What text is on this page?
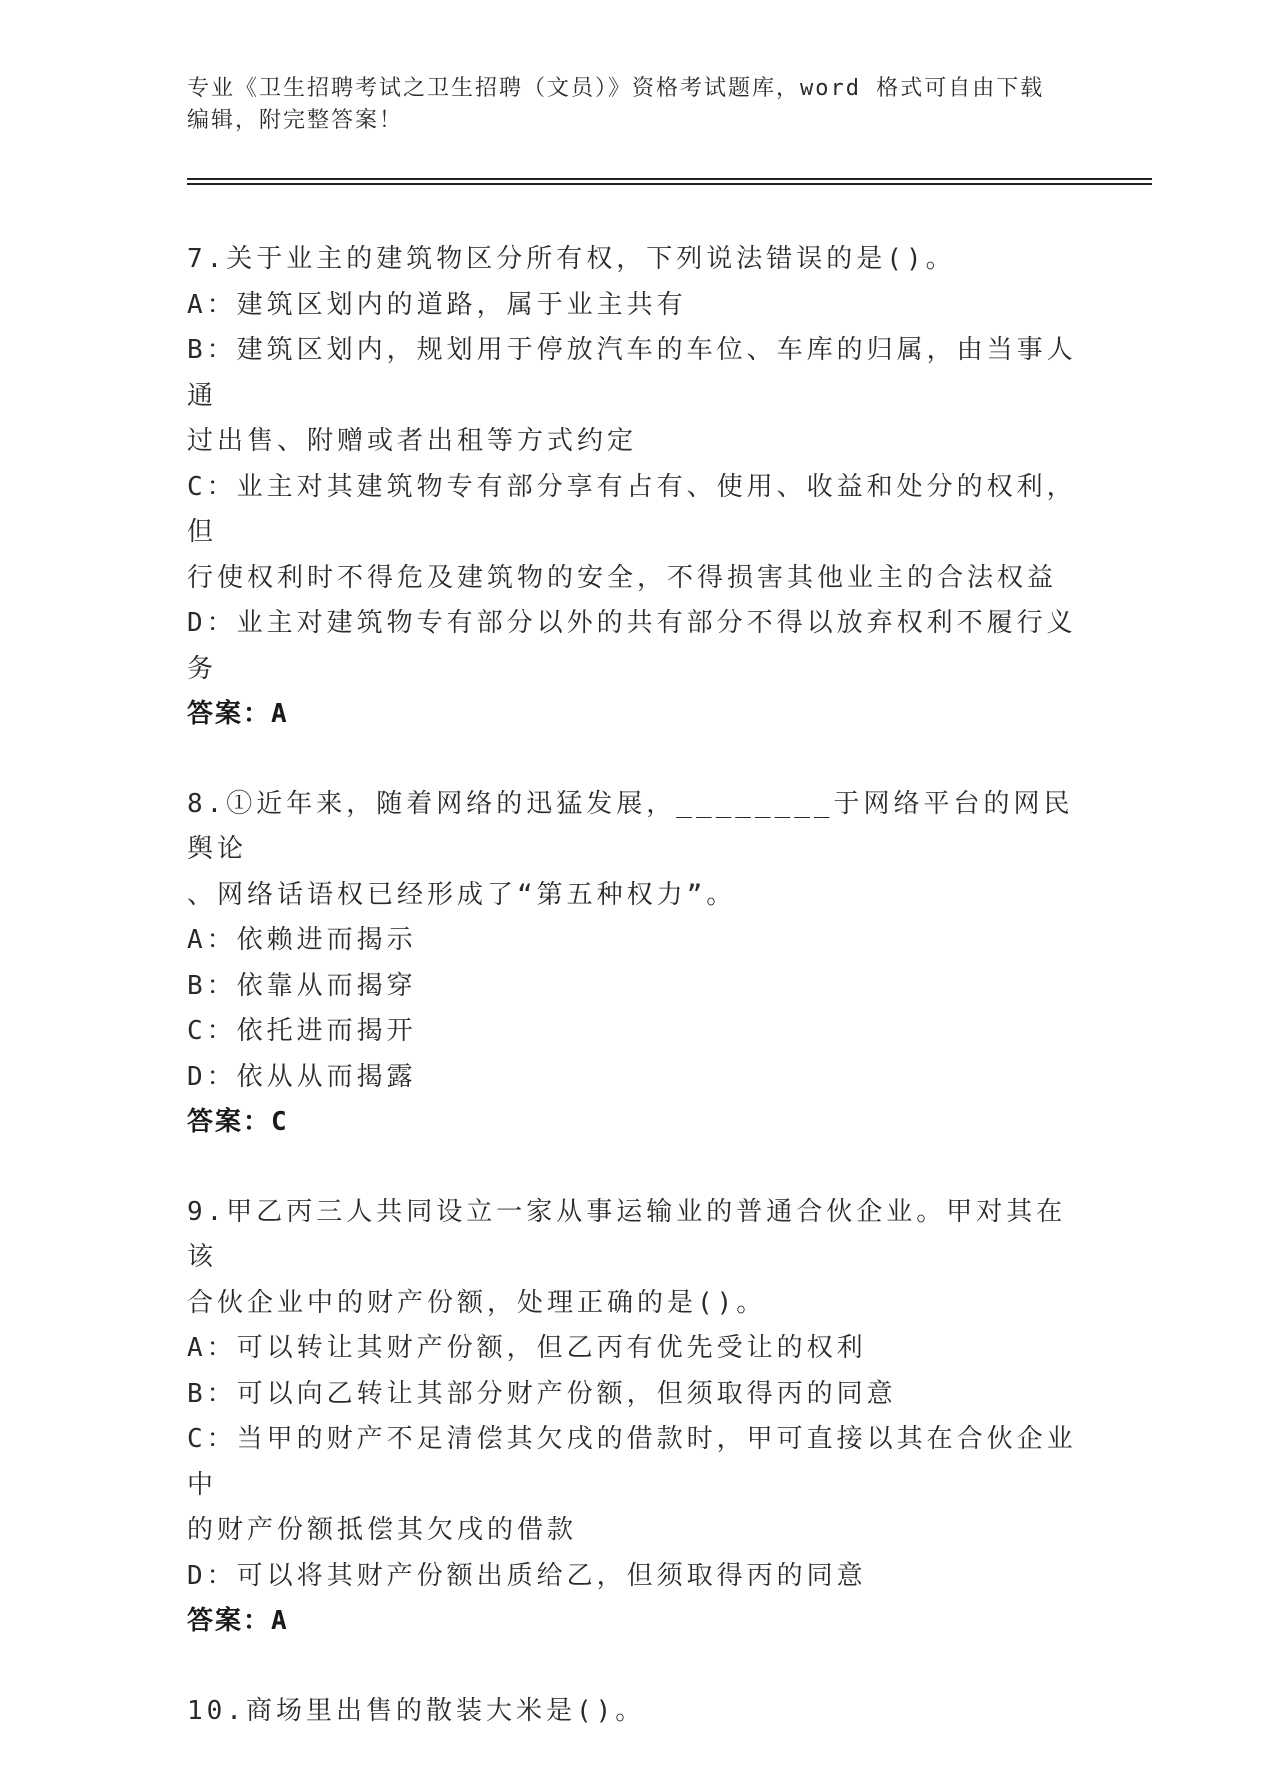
专业《卫生招聘考试之卫生招聘（文员）》资格考试题库，word 格式可自由下载
编辑，附完整答案！
7.关于业主的建筑物区分所有权，下列说法错误的是()。
A：建筑区划内的道路，属于业主共有
B：建筑区划内，规划用于停放汽车的车位、车库的归属，由当事人通
过出售、附赠或者出租等方式约定
C：业主对其建筑物专有部分享有占有、使用、收益和处分的权利，但
行使权利时不得危及建筑物的安全，不得损害其他业主的合法权益
D：业主对建筑物专有部分以外的共有部分不得以放弃权利不履行义务
答案：A
8.①近年来，随着网络的迅猛发展，________于网络平台的网民舆论
、网络话语权已经形成了“第五种权力”。
A：依赖进而揭示
B：依靠从而揭穿
C：依托进而揭开
D：依从从而揭露
答案：C
9.甲乙丙三人共同设立一家从事运输业的普通合伙企业。甲对其在该
合伙企业中的财产份额，处理正确的是()。
A：可以转让其财产份额，但乙丙有优先受让的权利
B：可以向乙转让其部分财产份额，但须取得丙的同意
C：当甲的财产不足清偿其欠戌的借款时，甲可直接以其在合伙企业中
的财产份额抵偿其欠戌的借款
D：可以将其财产份额出质给乙，但须取得丙的同意
答案：A
10.商场里出售的散装大米是()。
